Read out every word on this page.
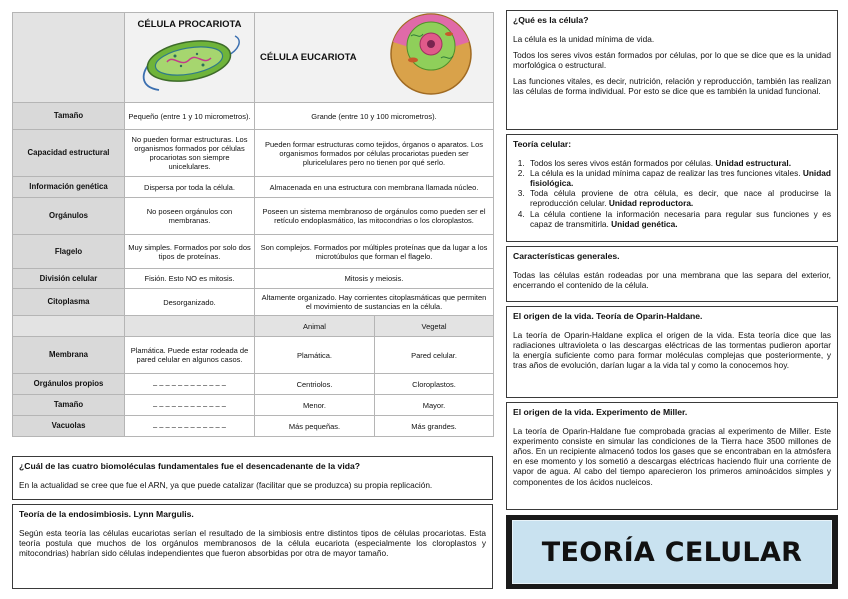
	CÉLULA PROCARIOTA	CÉLULA EUCARIOTA	

Tamaño	Pequeño (entre 1 y 10 micrometros).	Grande (entre 10 y 100 micrometros).	
Capacidad estructural	No pueden formar estructuras. Los organismos formados por células procariotas son siempre unicelulares.	Pueden formar estructuras como tejidos, órganos o aparatos. Los organismos formados por células procariotas pueden ser pluricelulares pero no tienen por qué serlo.	
Información genética	Dispersa por toda la célula.	Almacenada en una estructura con membrana llamada núcleo.	
Orgánulos	No poseen orgánulos con membranas.	Poseen un sistema membranoso de orgánulos como pueden ser el retículo endoplasmático, las mitocondrias o los cloroplastos.	
Flagelo	Muy simples. Formados por solo dos tipos de proteínas.	Son complejos. Formados por múltiples proteínas que da lugar a los microtúbulos que forman el flagelo.	
División celular	Fisión. Esto NO es mitosis.	Mitosis y meiosis.	
Citoplasma	Desorganizado.	Altamente organizado. Hay corrientes citoplasmáticas que permiten el movimiento de sustancias en la célula.	
		Animal	Vegetal
Membrana	Plamática. Puede estar rodeada de pared celular en algunos casos.	Plamática.	Pared celular.
Orgánulos propios	– – – – – – – – – – – –	Centriolos.	Cloroplastos.
Tamaño	– – – – – – – – – – – –	Menor.	Mayor.
Vacuolas	– – – – – – – – – – – –	Más pequeñas.	Más grandes.
¿Cuál de las cuatro biomoléculas fundamentales fue el desencadenante de la vida?

En la actualidad se cree que fue el ARN, ya que puede catalizar (facilitar que se produzca) su propia replicación.

Teoría de la endosimbiosis. Lynn Margulis.

Según esta teoría las células eucariotas serían el resultado de la simbiosis entre distintos tipos de células procariotas. Esta teoría postula que muchos de los orgánulos membranosos de la célula eucariota (especialmente los cloroplastos y mitocondrias) habrían sido células independientes que fueron absorbidas por otra de mayor tamaño.

¿Qué es la célula?

La célula es la unidad mínima de vida.

Todos los seres vivos están formados por células, por lo que se dice que es la unidad morfológica o estructural.

Las funciones vitales, es decir, nutrición, relación y reproducción, también las realizan las células de forma individual. Por esto se dice que es también la unidad funcional.

Teoría celular:
1. Todos los seres vivos están formados por células. Unidad estructural.
2. La célula es la unidad mínima capaz de realizar las tres funciones vitales. Unidad fisiológica.
3. Toda célula proviene de otra célula, es decir, que nace al producirse la reproducción celular. Unidad reproductora.
4. La célula contiene la información necesaria para regular sus funciones y es capaz de transmitirla. Unidad genética.
Características generales.

Todas las células están rodeadas por una membrana que las separa del exterior, encerrando el contenido de la célula.

El origen de la vida. Teoría de Oparin-Haldane.

La teoría de Oparin-Haldane explica el origen de la vida. Esta teoría dice que las radiaciones ultravioleta o las descargas eléctricas de las tormentas pudieron aportar la energía suficiente como para formar moléculas complejas que posteriormente, y tras años de evolución, darían lugar a la vida tal y como la conocemos hoy.

El origen de la vida. Experimento de Miller.

La teoría de Oparin-Haldane fue comprobada gracias al experimento de Miller. Este experimento consiste en simular las condiciones de la Tierra hace 3500 millones de años. En un recipiente almacenó todos los gases que se encontraban en la atmósfera en ese momento y los sometió a descargas eléctricas haciendo fluir una corriente de vapor de agua. Al cabo del tiempo aparecieron los primeros aminoácidos simples y componentes de los ácidos nucleicos.

TEORÍA CELULAR
